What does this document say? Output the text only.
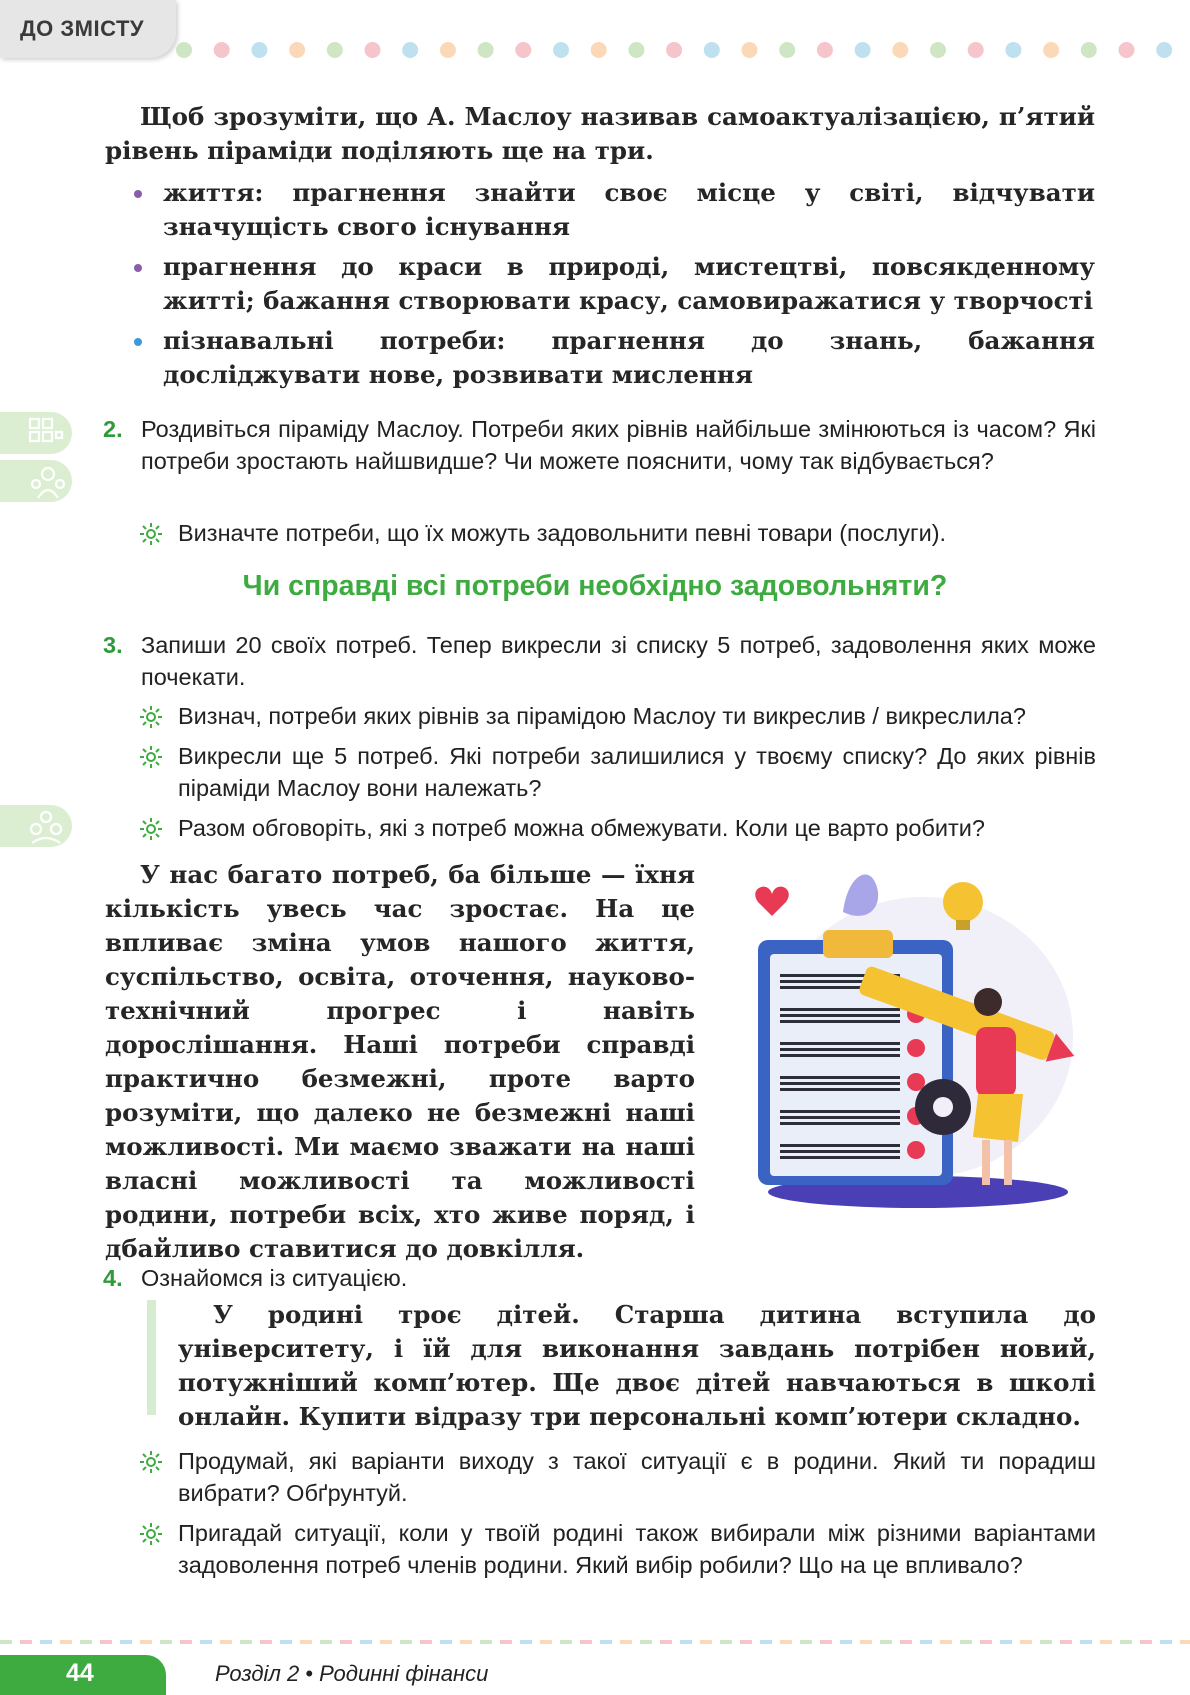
ДО ЗМІСТУ
Щоб зрозуміти, що А. Маслоу називав самоактуалізацією, п’ятий рівень піраміди поділяють ще на три.
життя: прагнення знайти своє місце у світі, відчувати значущість свого існування
прагнення до краси в природі, мистецтві, повсякденному житті; бажання створювати красу, самовиражатися у творчості
пізнавальні потреби: прагнення до знань, бажання досліджувати нове, розвивати мислення
2. Роздивіться піраміду Маслоу. Потреби яких рівнів найбільше змінюються із часом? Які потреби зростають найшвидше? Чи можете пояснити, чому так відбувається?
Визначте потреби, що їх можуть задовольнити певні товари (послуги).
Чи справді всі потреби необхідно задовольняти?
3. Запиши 20 своїх потреб. Тепер викресли зі списку 5 потреб, задоволення яких може почекати.
Визнач, потреби яких рівнів за пірамідою Маслоу ти викреслив / викреслила?
Викресли ще 5 потреб. Які потреби залишилися у твоєму списку? До яких рівнів піраміди Маслоу вони належать?
Разом обговоріть, які з потреб можна обмежувати. Коли це варто робити?
У нас багато потреб, ба більше — їхня кількість увесь час зростає. На це впливає зміна умов нашого життя, суспільство, освіта, оточення, науково-технічний прогрес і навіть дорослішання. Наші потреби справді практично безмежні, проте варто розуміти, що далеко не безмежні наші можливості. Ми маємо зважати на наші власні можливості та можливості родини, потреби всіх, хто живе поряд, і дбайливо ставитися до довкілля.
4. Ознайомся із ситуацією.
У родині троє дітей. Старша дитина вступила до університету, і їй для виконання завдань потрібен новий, потужніший комп’ютер. Ще двоє дітей навчаються в школі онлайн. Купити відразу три персональні комп’ютери складно.
Продумай, які варіанти виходу з такої ситуації є в родини. Який ти порадиш вибрати? Обґрунтуй.
Пригадай ситуації, коли у твоїй родині також вибирали між різними варіантами задоволення потреб членів родини. Який вибір робили? Що на це впливало?
44	Розділ 2 • Родинні фінанси
